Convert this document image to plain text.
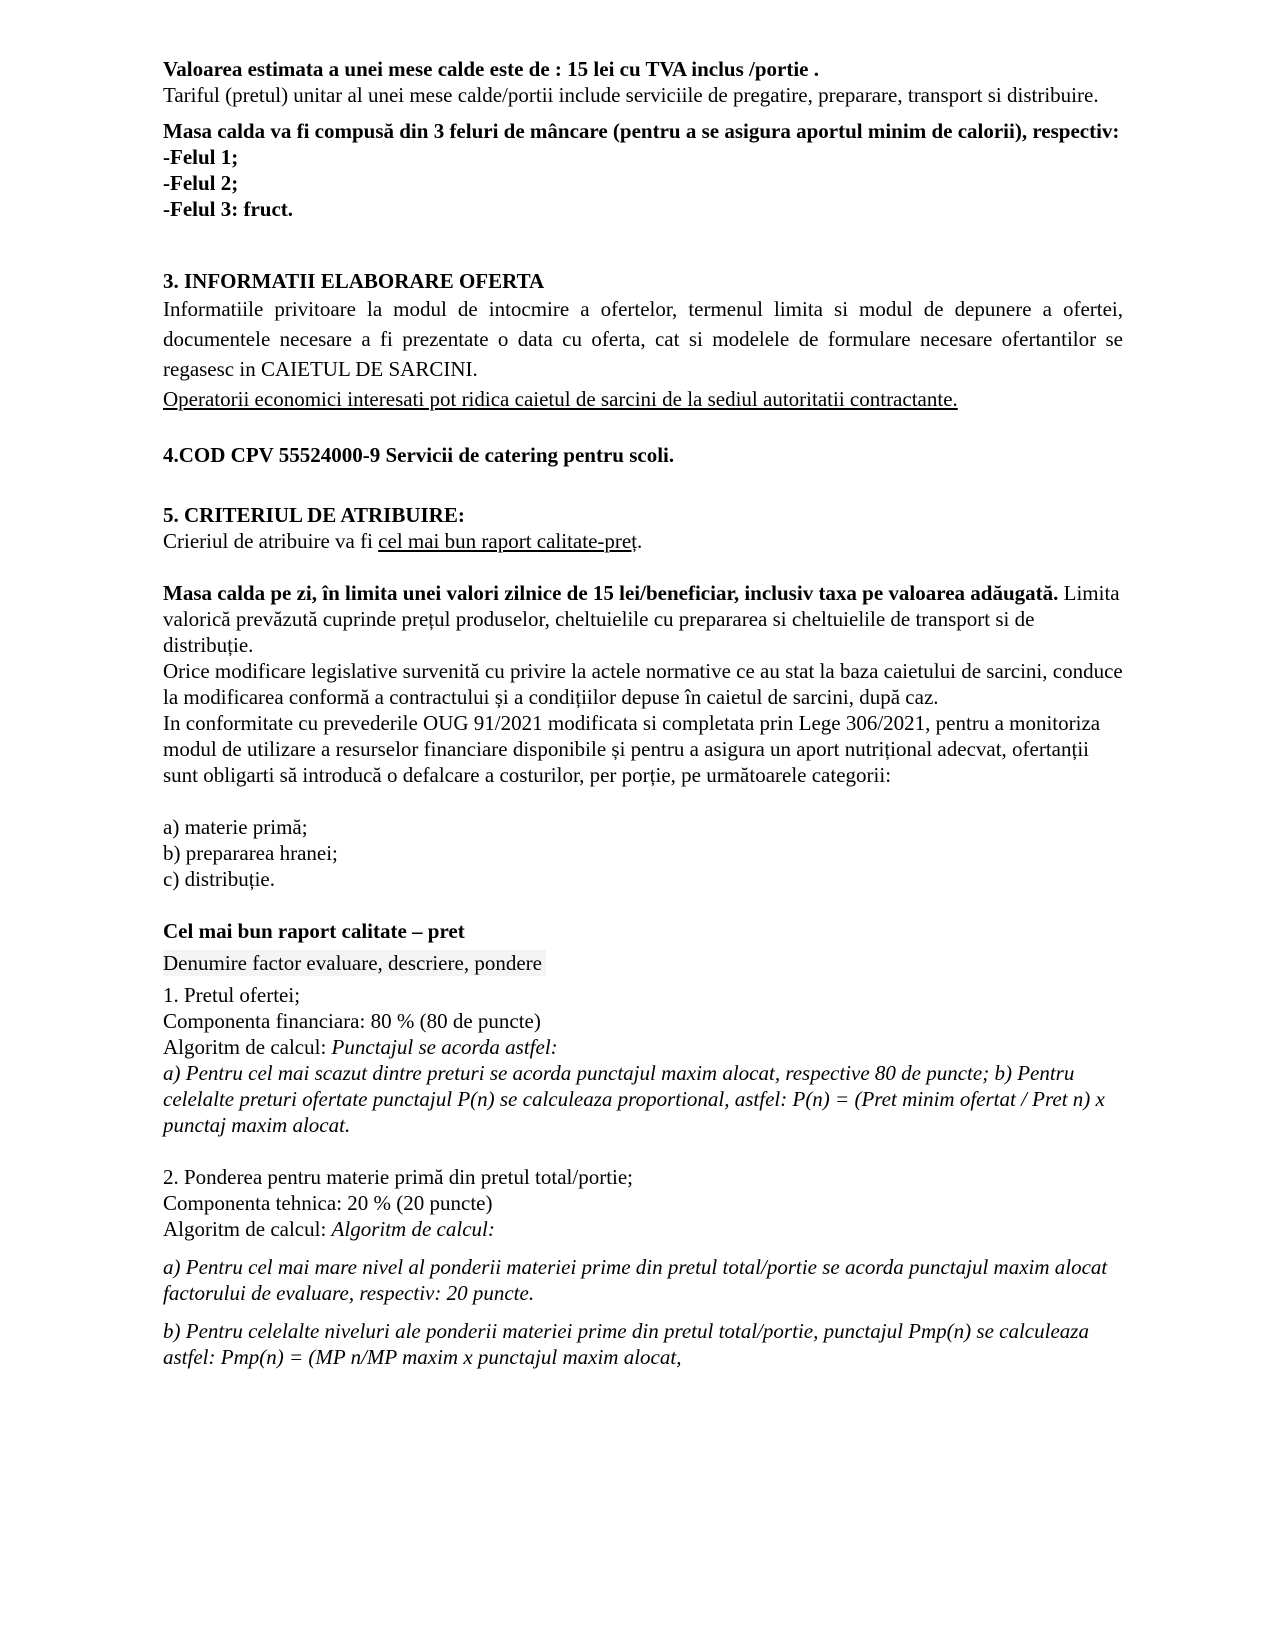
Valoarea estimata a unei mese calde este de : 15 lei cu TVA inclus /portie .

Tariful (pretul) unitar al unei mese calde/portii include serviciile de pregatire, preparare, transport si distribuire.

Masa calda va fi compusă din 3 feluri de mâncare (pentru a se asigura aportul minim de calorii), respectiv:

-Felul 1;

-Felul 2;

-Felul 3: fruct.

3. INFORMATII ELABORARE OFERTA

Informatiile privitoare la modul de intocmire a ofertelor, termenul limita si modul de depunere a ofertei, documentele necesare a fi prezentate o data cu oferta, cat si modelele de formulare necesare ofertantilor se regasesc in CAIETUL DE SARCINI.

Operatorii economici interesati pot ridica caietul de sarcini de la sediul autoritatii contractante.

4.COD CPV 55524000-9 Servicii de catering pentru scoli.

5. CRITERIUL DE ATRIBUIRE:

Crieriul de atribuire va fi cel mai bun raport calitate-preț.

Masa calda pe zi, în limita unei valori zilnice de 15 lei/beneficiar, inclusiv taxa pe valoarea adăugată. Limita valorică prevăzută cuprinde prețul produselor, cheltuielile cu prepararea si cheltuielile de transport si de distribuție.

Orice modificare legislative survenită cu privire la actele normative ce au stat la baza caietului de sarcini, conduce la modificarea conformă a contractului și a condițiilor depuse în caietul de sarcini, după caz.

In conformitate cu prevederile OUG 91/2021 modificata si completata prin Lege 306/2021, pentru a monitoriza modul de utilizare a resurselor financiare disponibile și pentru a asigura un aport nutrițional adecvat, ofertanții sunt obligarti să introducă o defalcare a costurilor, per porție, pe următoarele categorii:

a) materie primă;

b) prepararea hranei;

c) distribuție.

Cel mai bun raport calitate – pret

Denumire factor evaluare, descriere, pondere

1. Pretul ofertei;

Componenta financiara: 80 % (80 de puncte)

Algoritm de calcul: Punctajul se acorda astfel:

a) Pentru cel mai scazut dintre preturi se acorda punctajul maxim alocat, respective 80 de puncte; b) Pentru celelalte preturi ofertate punctajul P(n) se calculeaza proportional, astfel: P(n) = (Pret minim ofertat / Pret n) x punctaj maxim alocat.

2. Ponderea pentru materie primă din pretul total/portie;

Componenta tehnica: 20 % (20 puncte)

Algoritm de calcul: Algoritm de calcul:

a) Pentru cel mai mare nivel al ponderii materiei prime din pretul total/portie se acorda punctajul maxim alocat factorului de evaluare, respectiv: 20 puncte.

b) Pentru celelalte niveluri ale ponderii materiei prime din pretul total/portie, punctajul Pmp(n) se calculeaza astfel: Pmp(n) = (MP n/MP maxim x punctajul maxim alocat,
